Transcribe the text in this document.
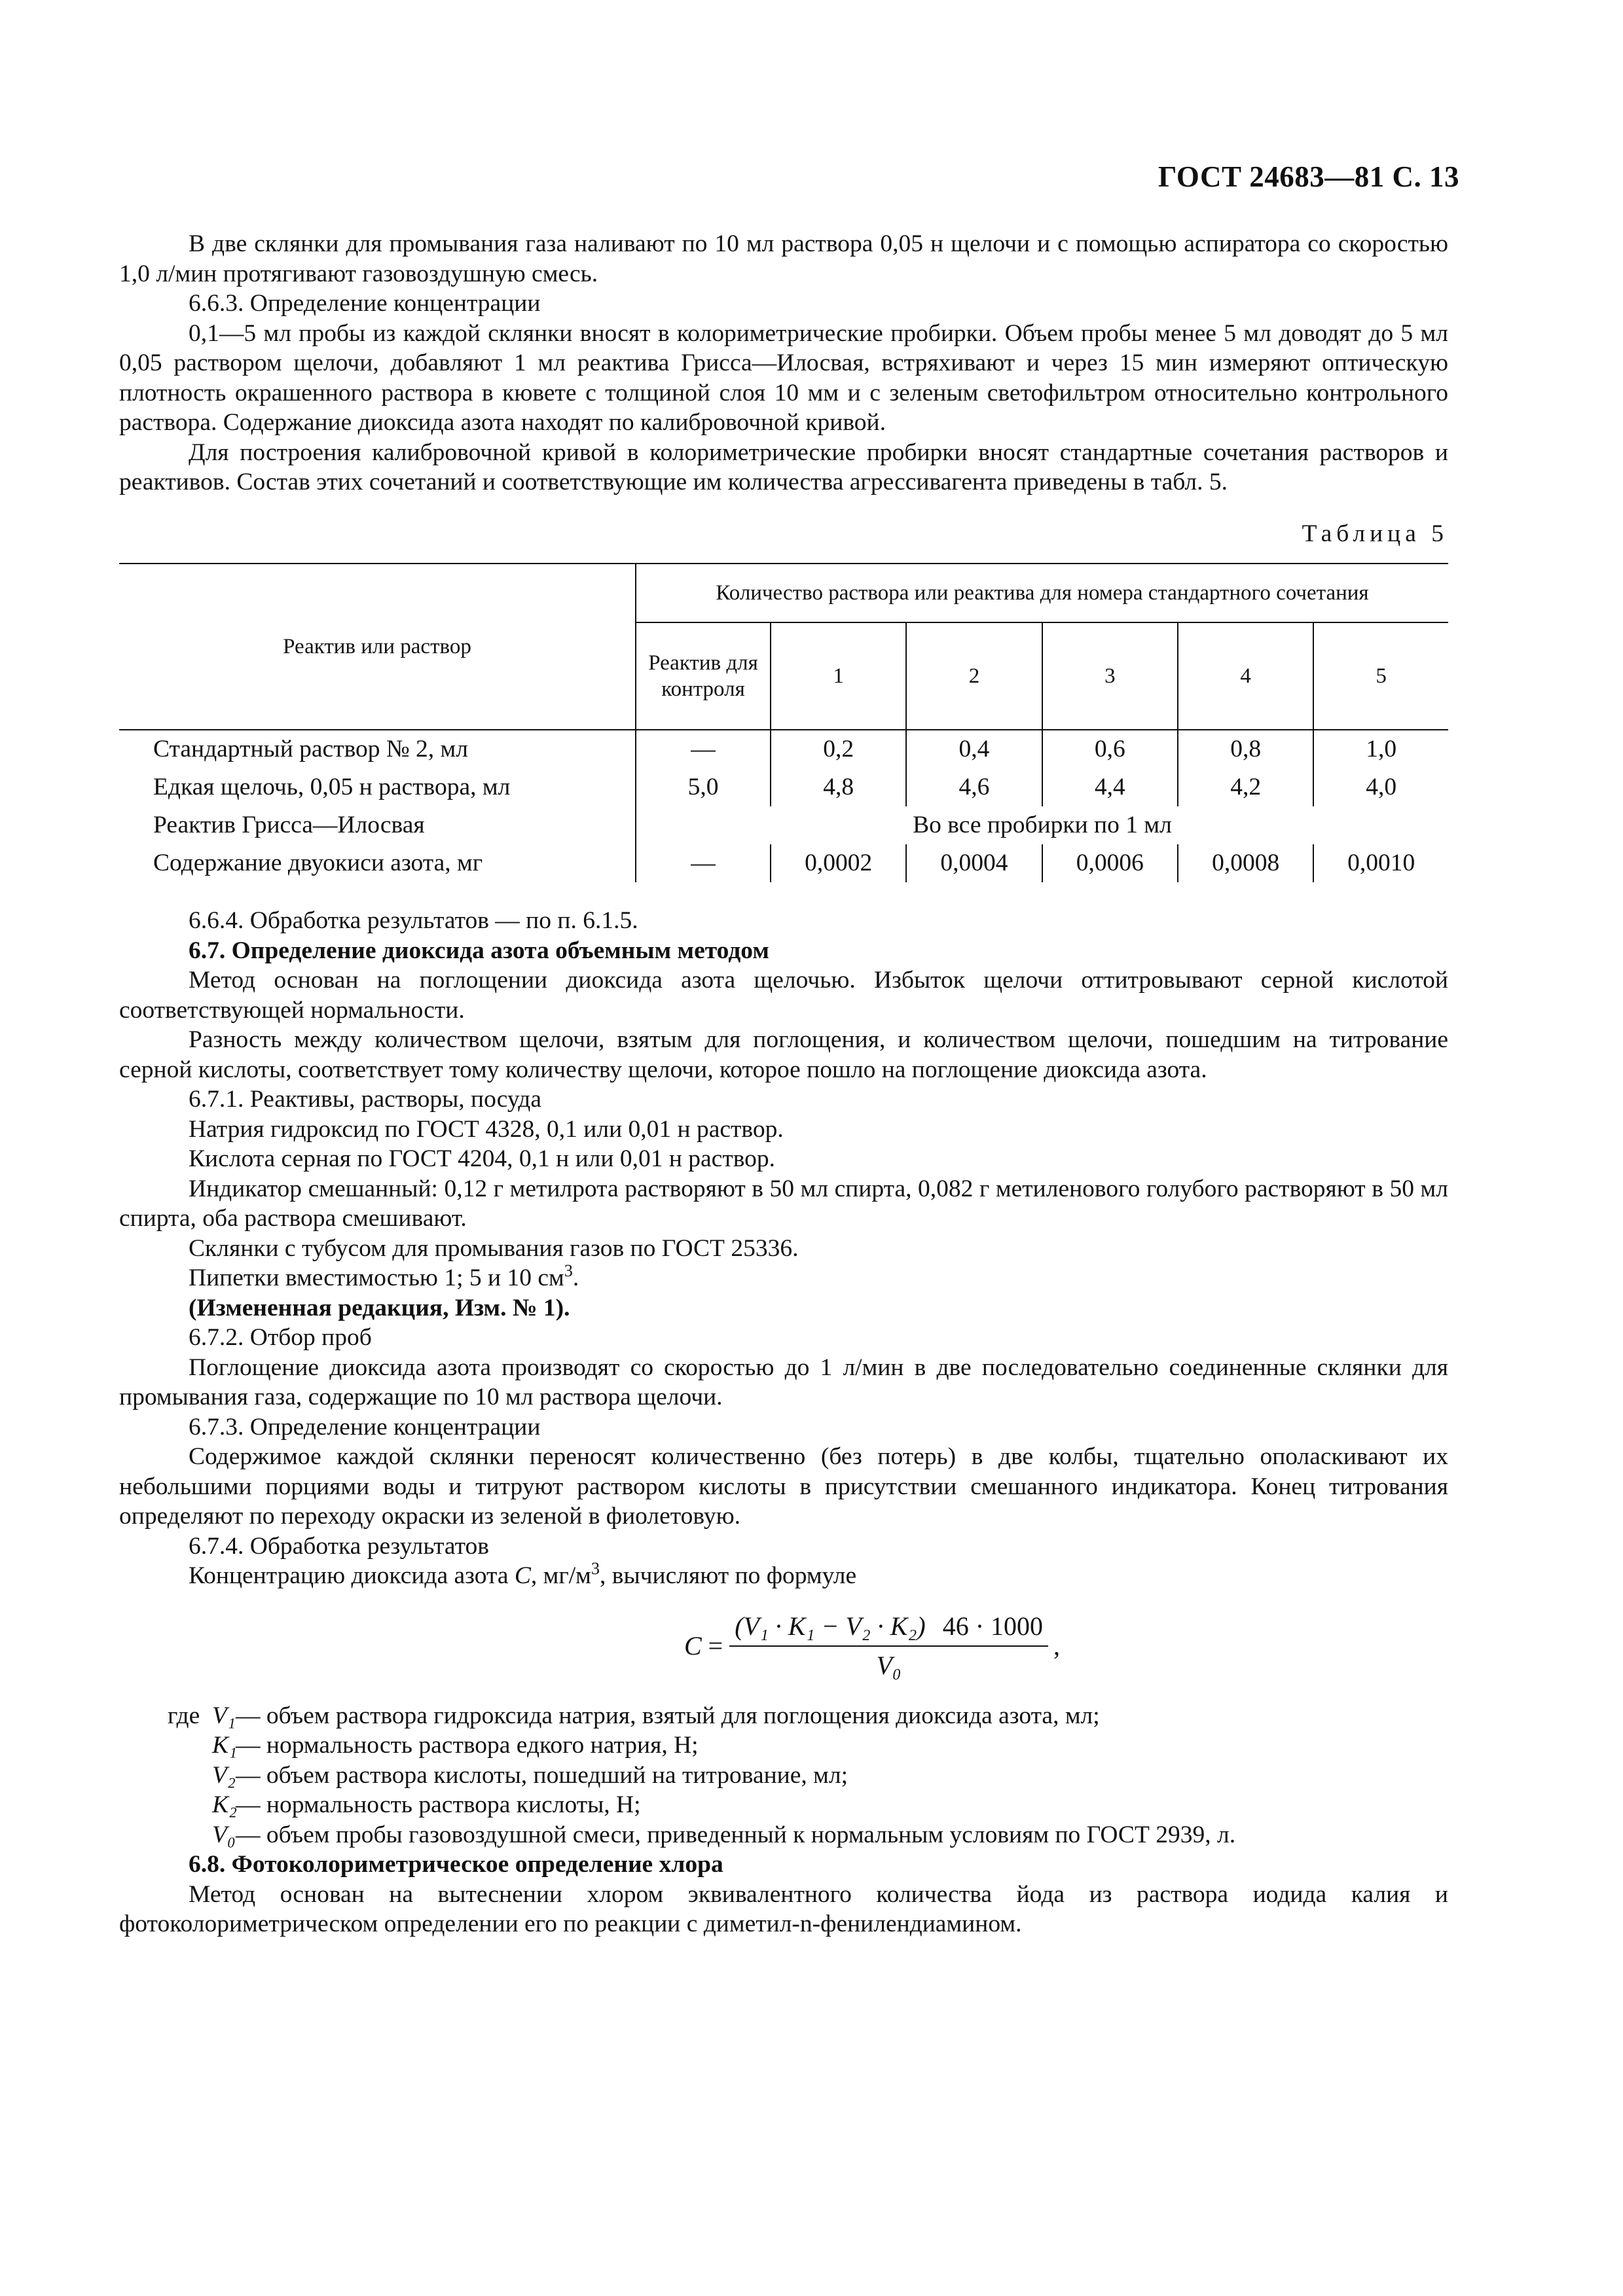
ГОСТ 24683—81 С. 13

В две склянки для промывания газа наливают по 10 мл раствора 0,05 н щелочи и с помощью аспиратора со скоростью 1,0 л/мин протягивают газовоздушную смесь.

6.6.3. Определение концентрации

0,1—5 мл пробы из каждой склянки вносят в колориметрические пробирки. Объем пробы менее 5 мл доводят до 5 мл 0,05 раствором щелочи, добавляют 1 мл реактива Грисса—Илосвая, встряхивают и через 15 мин измеряют оптическую плотность окрашенного раствора в кювете с толщиной слоя 10 мм и с зеленым светофильтром относительно контрольного раствора. Содержание диоксида азота находят по калибровочной кривой.

Для построения калибровочной кривой в колориметрические пробирки вносят стандартные сочетания растворов и реактивов. Состав этих сочетаний и соответствующие им количества агрессивагента приведены в табл. 5.

Таблица 5
Реактив или раствор	Количество раствора или реактива для номера стандартного сочетания					
	Реактив для контроля	1	2	3	4	5
Стандартный раствор № 2, мл	—	0,2	0,4	0,6	0,8	1,0
Едкая щелочь, 0,05 н раствора, мл	5,0	4,8	4,6	4,4	4,2	4,0
Реактив Грисса—Илосвая	Во все пробирки по 1 мл					
Содержание двуокиси азота, мг	—	0,0002	0,0004	0,0006	0,0008	0,0010

6.6.4. Обработка результатов — по п. 6.1.5.

6.7. Определение диоксида азота объемным методом

Метод основан на поглощении диоксида азота щелочью. Избыток щелочи оттитровывают серной кислотой соответствующей нормальности.

Разность между количеством щелочи, взятым для поглощения, и количеством щелочи, пошедшим на титрование серной кислоты, соответствует тому количеству щелочи, которое пошло на поглощение диоксида азота.

6.7.1. Реактивы, растворы, посуда

Натрия гидроксид по ГОСТ 4328, 0,1 или 0,01 н раствор.

Кислота серная по ГОСТ 4204, 0,1 н или 0,01 н раствор.

Индикатор смешанный: 0,12 г метилрота растворяют в 50 мл спирта, 0,082 г метиленового голубого растворяют в 50 мл спирта, оба раствора смешивают.

Склянки с тубусом для промывания газов по ГОСТ 25336.

Пипетки вместимостью 1; 5 и 10 $см^3$.

(Измененная редакция, Изм. № 1).

6.7.2. Отбор проб

Поглощение диоксида азота производят со скоростью до 1 л/мин в две последовательно соединенные склянки для промывания газа, содержащие по 10 мл раствора щелочи.

6.7.3. Определение концентрации

Содержимое каждой склянки переносят количественно (без потерь) в две колбы, тщательно ополаскивают их небольшими порциями воды и титруют раствором кислоты в присутствии смешанного индикатора. Конец титрования определяют по переходу окраски из зеленой в фиолетовую.

6.7.4. Обработка результатов

Концентрацию диоксида азота C, $мг/м^3$, вычисляют по формуле

$C = \frac{\text{(V₁ · K₁ − V₂ · K₂) 46 · 1000}}{\text{V₀}}$ ,
где V₁ — объем раствора гидроксида натрия, взятый для поглощения диоксида азота, мл;
K₁
— нормальность раствора едкого натрия, Н;
V₂ — объем раствора кислоты, пошедший на титрование, мл;
K₂
— нормальность раствора кислоты, Н;
V₀ — объем пробы газовоздушной смеси, приведенный к нормальным условиям по ГОСТ 2939, л.

6.8. Фотоколориметрическое определение хлора

Метод основан на вытеснении хлором эквивалентного количества йода из раствора иодида калия и фотоколориметрическом определении его по реакции с диметил-n-фенилендиамином.
